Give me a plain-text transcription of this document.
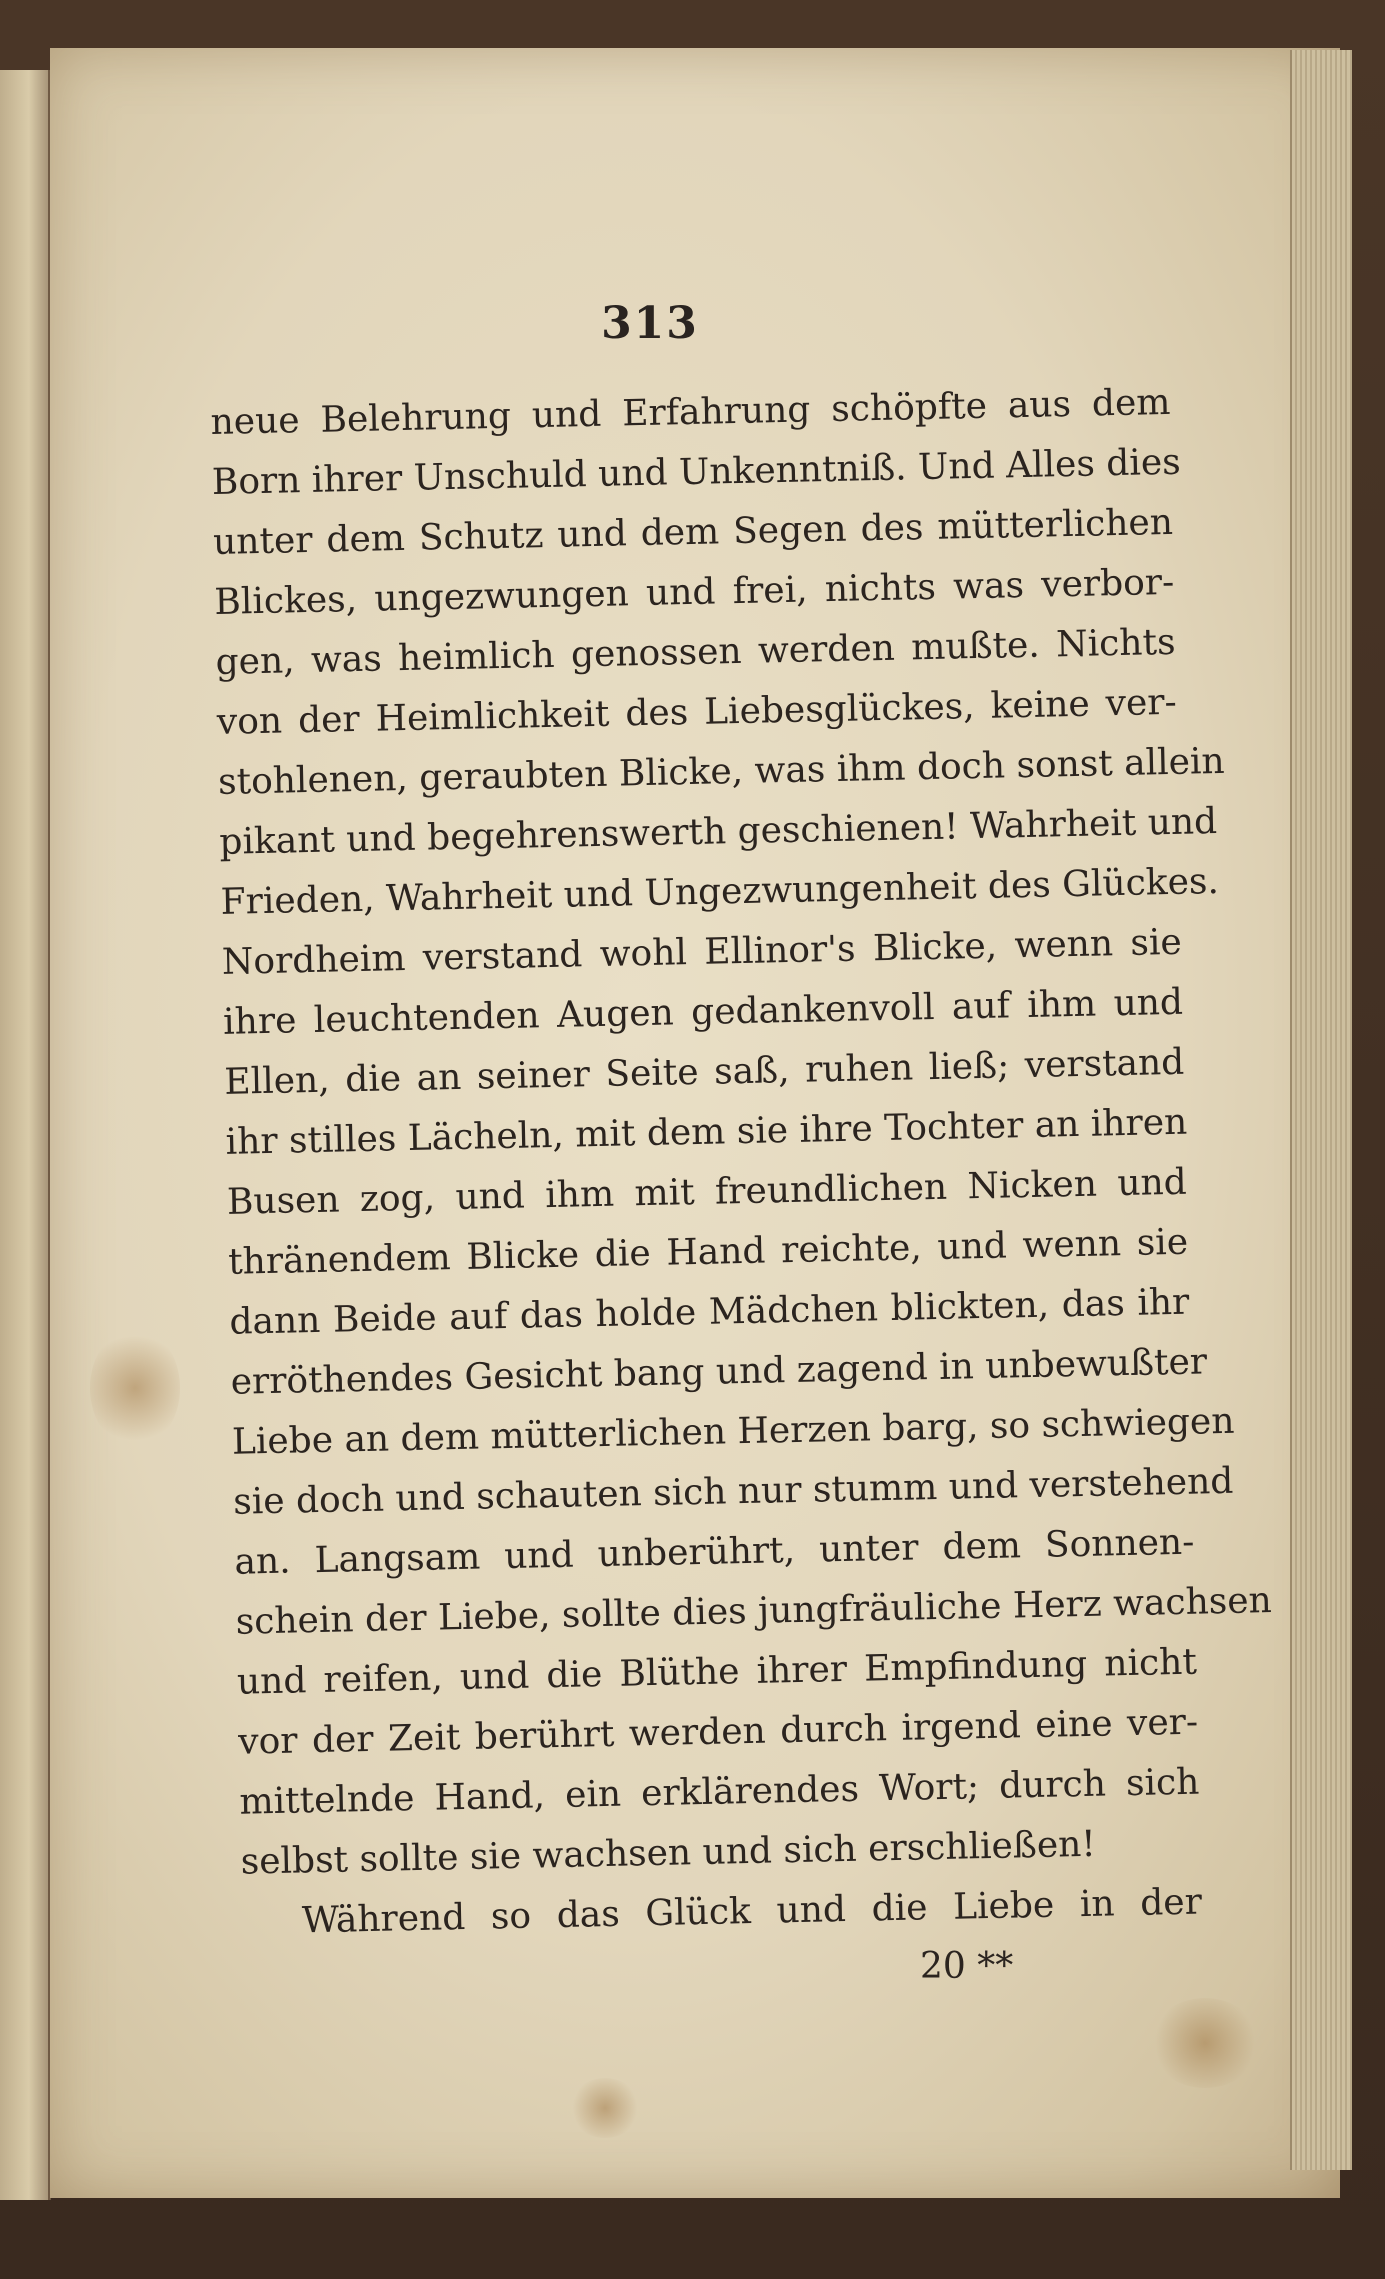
313
neue Belehrung und Erfahrung schöpfte aus dem
Born ihrer Unschuld und Unkenntniß. Und Alles dies
unter dem Schutz und dem Segen des mütterlichen
Blickes, ungezwungen und frei, nichts was verbor-
gen, was heimlich genossen werden mußte. Nichts
von der Heimlichkeit des Liebesglückes, keine ver-
stohlenen, geraubten Blicke, was ihm doch sonst allein
pikant und begehrenswerth geschienen! Wahrheit und
Frieden, Wahrheit und Ungezwungenheit des Glückes.
Nordheim verstand wohl Ellinor's Blicke, wenn sie
ihre leuchtenden Augen gedankenvoll auf ihm und
Ellen, die an seiner Seite saß, ruhen ließ; verstand
ihr stilles Lächeln, mit dem sie ihre Tochter an ihren
Busen zog, und ihm mit freundlichen Nicken und
thränendem Blicke die Hand reichte, und wenn sie
dann Beide auf das holde Mädchen blickten, das ihr
erröthendes Gesicht bang und zagend in unbewußter
Liebe an dem mütterlichen Herzen barg, so schwiegen
sie doch und schauten sich nur stumm und verstehend
an. Langsam und unberührt, unter dem Sonnen-
schein der Liebe, sollte dies jungfräuliche Herz wachsen
und reifen, und die Blüthe ihrer Empfindung nicht
vor der Zeit berührt werden durch irgend eine ver-
mittelnde Hand, ein erklärendes Wort; durch sich
selbst sollte sie wachsen und sich erschließen!
Während so das Glück und die Liebe in der
20 **
